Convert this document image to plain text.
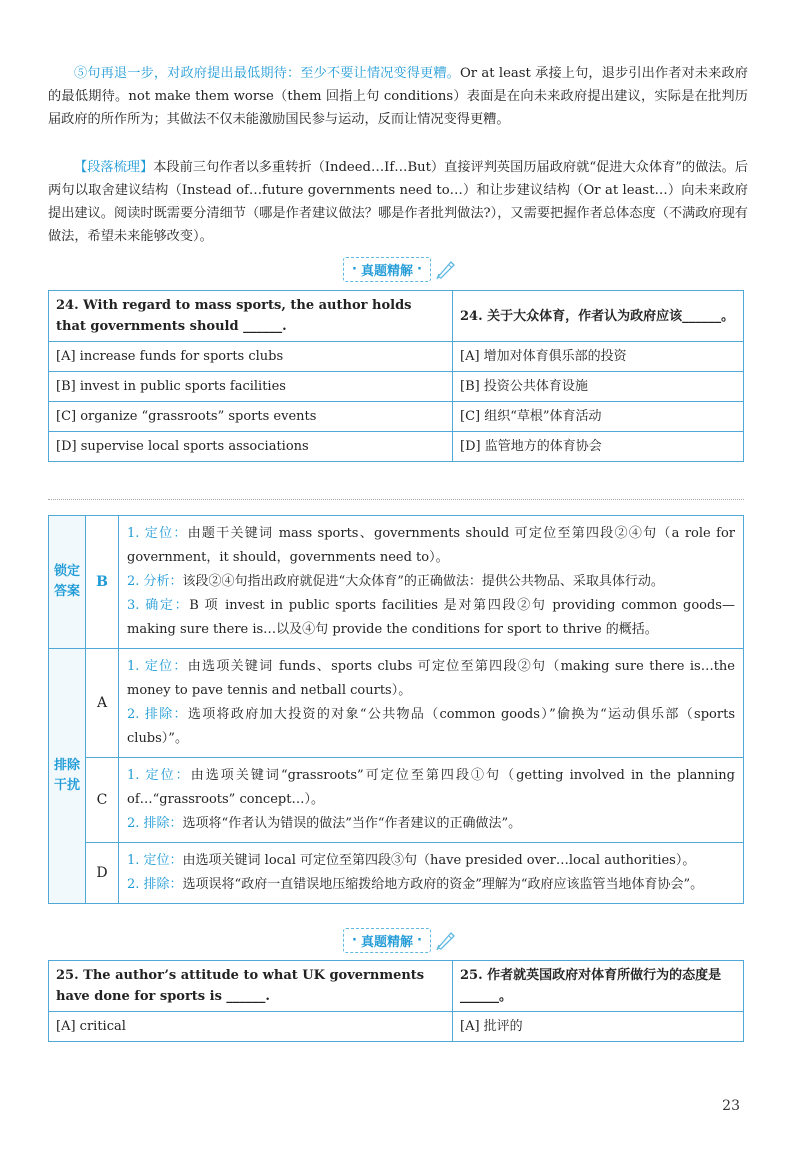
⑤句再退一步，对政府提出最低期待：至少不要让情况变得更糟。Or at least 承接上句，退步引出作者对未来政府的最低期待。not make them worse（them 回指上句 conditions）表面是在向未来政府提出建议，实际是在批判历届政府的所作所为；其做法不仅未能激励国民参与运动，反而让情况变得更糟。
【段落梳理】本段前三句作者以多重转折（Indeed…If…But）直接评判英国历届政府就“促进大众体育”的做法。后两句以取舍建议结构（Instead of…future governments need to…）和让步建议结构（Or at least…）向未来政府提出建议。阅读时既需要分清细节（哪是作者建议做法？哪是作者批判做法?），又需要把握作者总体态度（不满政府现有做法，希望未来能够改变）。
· 真题精解 ·
24. With regard to mass sports, the author holds that governments should ______.	24. 关于大众体育，作者认为政府应该______。
[A] increase funds for sports clubs	[A] 增加对体育俱乐部的投资
[B] invest in public sports facilities	[B] 投资公共体育设施
[C] organize “grassroots” sports events	[C] 组织“草根”体育活动
[D] supervise local sports associations	[D] 监管地方的体育协会
锁定答案	B	1. 定位：由题干关键词 mass sports、governments should 可定位至第四段②④句（a role for government，it should，governments need to）。
2. 分析：该段②④句指出政府就促进“大众体育”的正确做法：提供公共物品、采取具体行动。
3. 确定：B 项 invest in public sports facilities 是对第四段②句 providing common goods—making sure there is…以及④句 provide the conditions for sport to thrive 的概括。

排除干扰	A	1. 定位：由选项关键词 funds、sports clubs 可定位至第四段②句（making sure there is…the money to pave tennis and netball courts）。
2. 排除：选项将政府加大投资的对象“公共物品（common goods）”偷换为“运动俱乐部（sports clubs）”。

	C	1. 定位：由选项关键词“grassroots”可定位至第四段①句（getting involved in the planning of…“grassroots” concept…）。
2. 排除：选项将“作者认为错误的做法”当作“作者建议的正确做法”。

	D	1. 定位：由选项关键词 local 可定位至第四段③句（have presided over…local authorities）。
2. 排除：选项误将“政府一直错误地压缩拨给地方政府的资金”理解为“政府应该监管当地体育协会”。
· 真题精解 ·
25. The author’s attitude to what UK governments have done for sports is ______.	25. 作者就英国政府对体育所做行为的态度是______。
[A] critical	[A] 批评的
23
